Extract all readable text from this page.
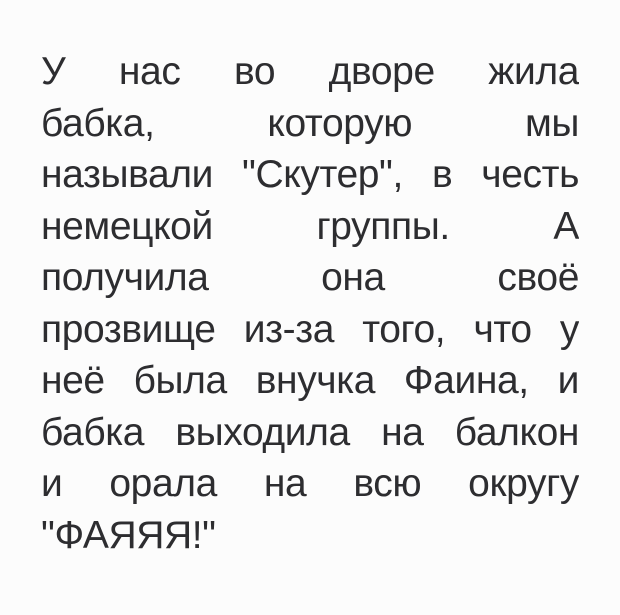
У нас во дворе жила
бабка, которую мы
называли "Скутер", в честь
немецкой группы. А
получила она своё
прозвище из-за того, что у
неё была внучка Фаина, и
бабка выходила на балкон
и орала на всю округу
"ФАЯЯЯ!"
